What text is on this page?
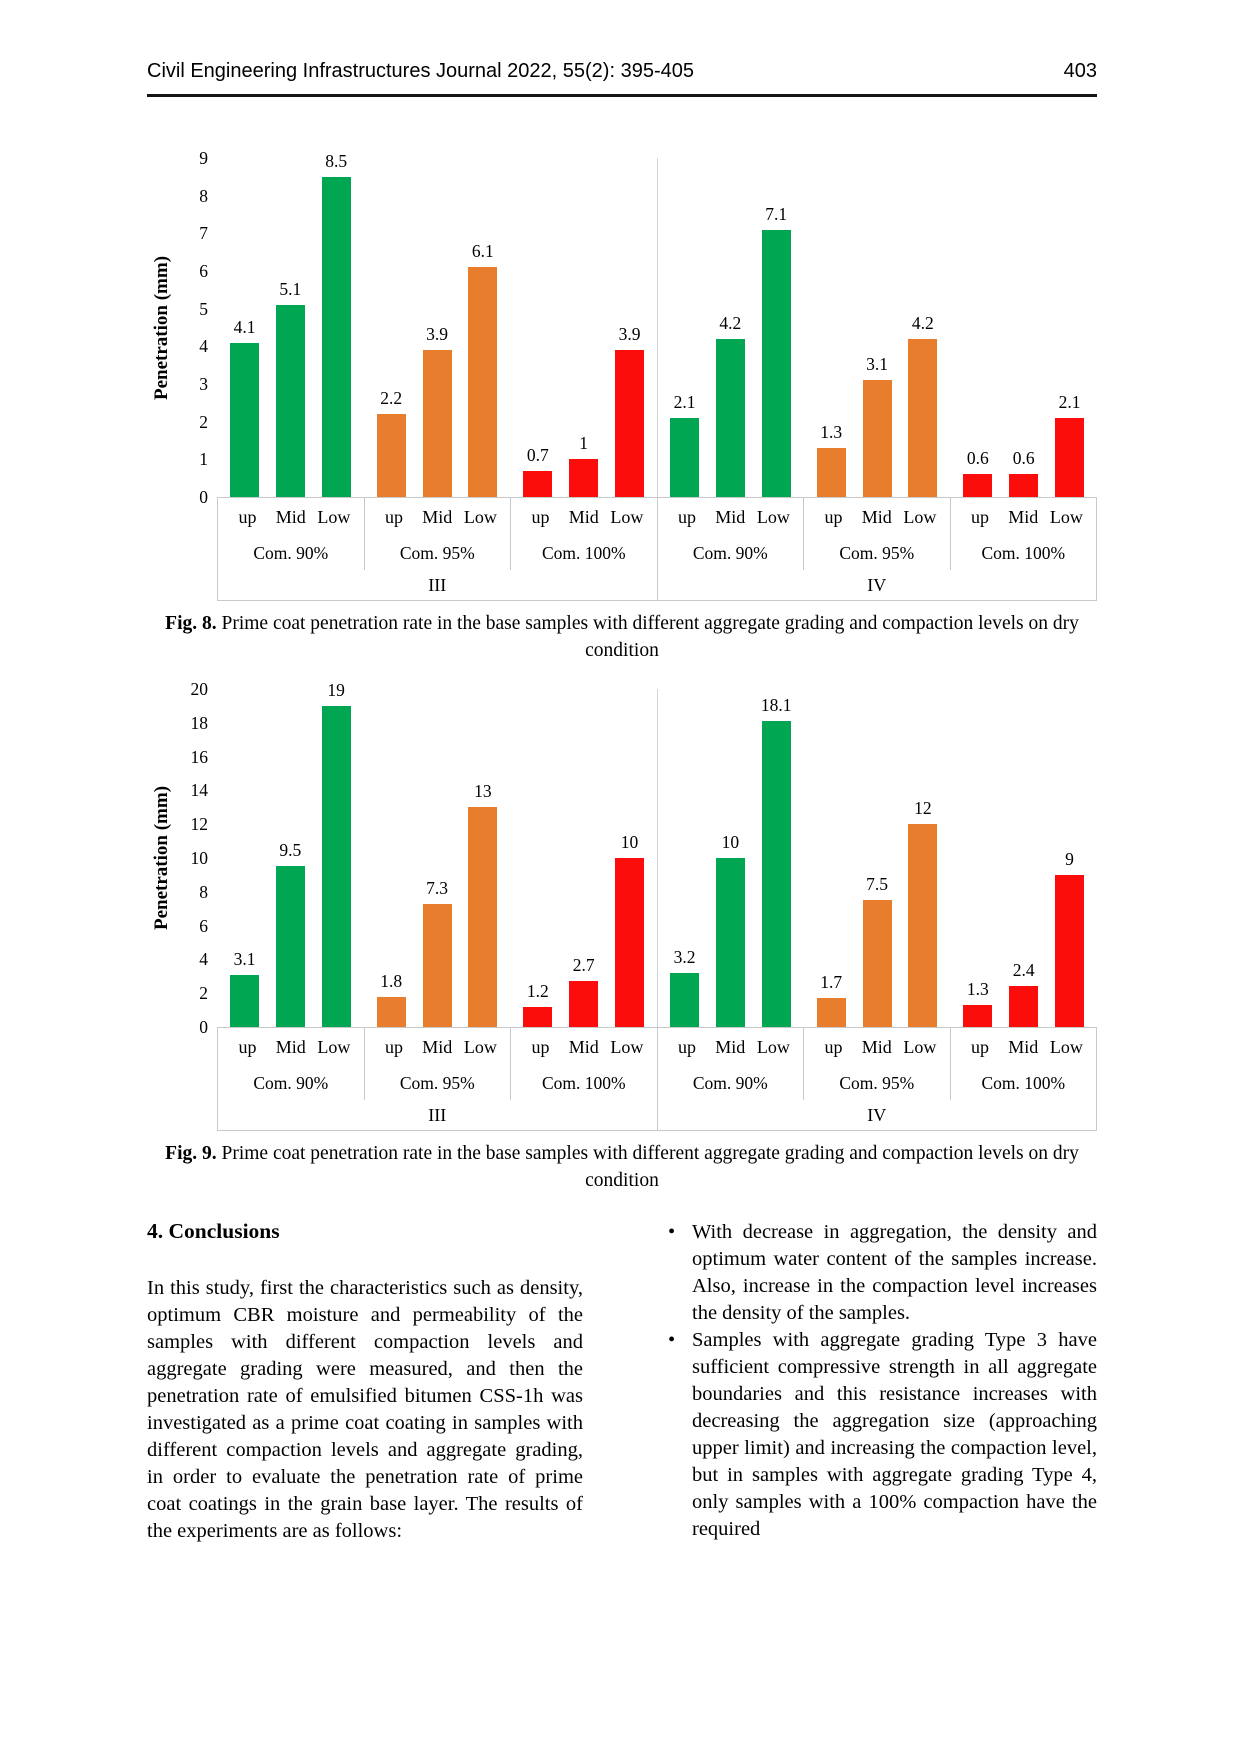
Civil Engineering Infrastructures Journal 2022, 55(2): 395-405	403
Penetration (mm)
0
1
2
3
4
5
6
7
8
9
4.1
5.1
8.5
2.2
3.9
6.1
0.7
1
3.9
2.1
4.2
7.1
1.3
3.1
4.2
0.6	0.6
2.1
up	Mid Low	up	Mid Low	up	Mid Low	up	Mid Low	up	Mid Low	up	Mid Low
Com. 90%	Com. 95%	Com. 100%	Com. 90%	Com. 95%	Com. 100%
III	IV
Fig. 8. Prime coat penetration rate in the base samples with different aggregate grading and compaction levels on dry condition
Penetration (mm)
0
2
4
6
8
10
12
14
16
18
20
3.1
9.5
19
1.8
7.3
13
1.2
2.7
10
3.2
10
18.1
1.7
7.5
12
1.3
2.4
9
up	Mid Low	up	Mid Low	up	Mid Low	up	Mid Low	up	Mid Low	up	Mid Low
Com. 90%	Com. 95%	Com. 100%	Com. 90%	Com. 95%	Com. 100%
III	IV
Fig. 9. Prime coat penetration rate in the base samples with different aggregate grading and compaction levels on dry condition
4. Conclusions

In this study, first the characteristics such as density, optimum CBR moisture and permeability of the samples with different compaction levels and aggregate grading were measured, and then the penetration rate of emulsified bitumen CSS-1h was investigated as a prime coat coating in samples with different compaction levels and aggregate grading, in order to evaluate the penetration rate of prime coat coatings in the grain base layer. The results of the experiments are as follows:

• With decrease in aggregation, the density and optimum water content of the samples increase. Also, increase in the compaction level increases the density of the samples.
• Samples with aggregate grading Type 3 have sufficient compressive strength in all aggregate boundaries and this resistance increases with decreasing the aggregation size (approaching upper limit) and increasing the compaction level, but in samples with aggregate grading Type 4, only samples with a 100% compaction have the required
